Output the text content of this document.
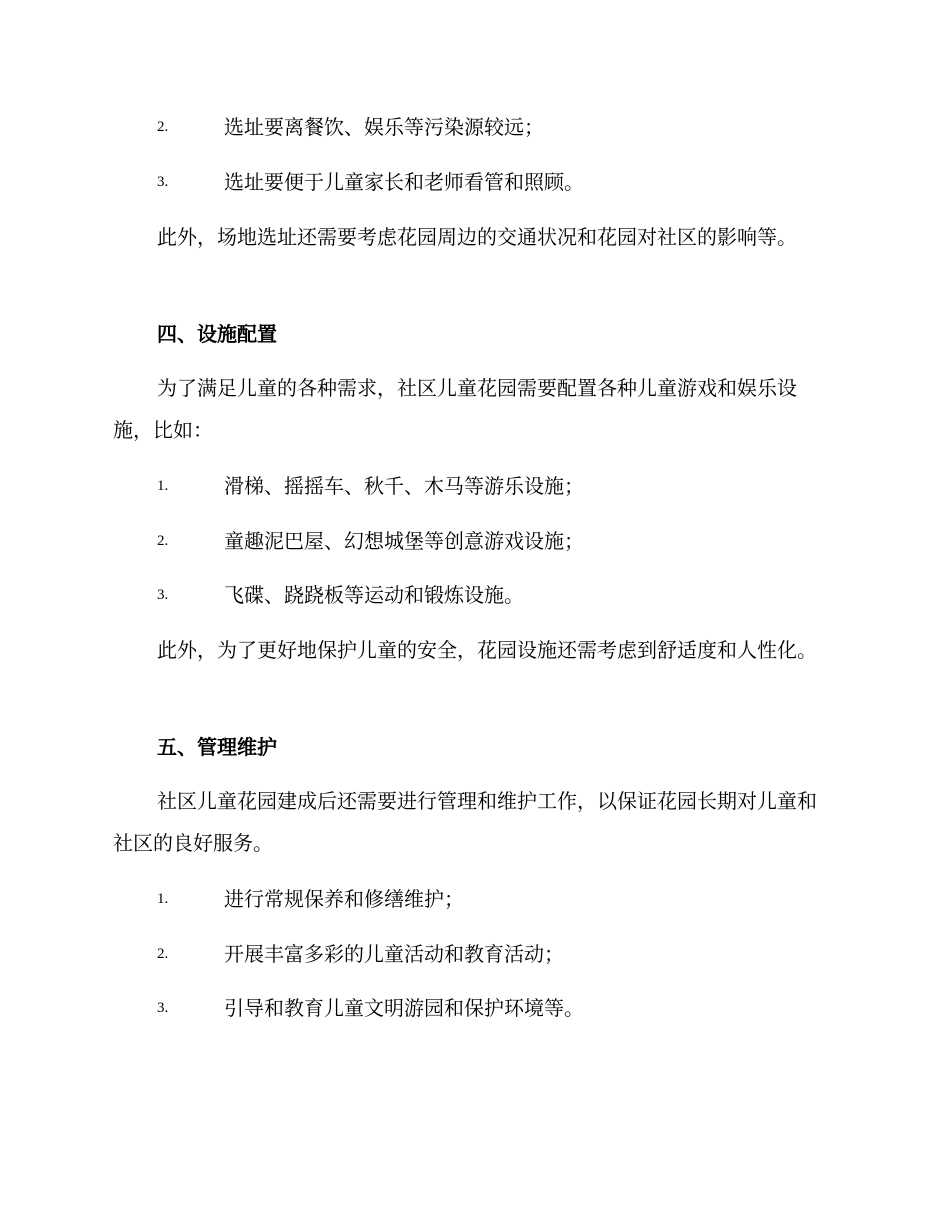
2.	选址要离餐饮、娱乐等污染源较远；
3.	选址要便于儿童家长和老师看管和照顾。

此外，场地选址还需要考虑花园周边的交通状况和花园对社区的影响等。

四、设施配置

为了满足儿童的各种需求，社区儿童花园需要配置各种儿童游戏和娱乐设施，比如：

1.	滑梯、摇摇车、秋千、木马等游乐设施；
2.	童趣泥巴屋、幻想城堡等创意游戏设施；
3.	飞碟、跷跷板等运动和锻炼设施。

此外，为了更好地保护儿童的安全，花园设施还需考虑到舒适度和人性化。

五、管理维护

社区儿童花园建成后还需要进行管理和维护工作，以保证花园长期对儿童和社区的良好服务。

1.	进行常规保养和修缮维护；
2.	开展丰富多彩的儿童活动和教育活动；
3.	引导和教育儿童文明游园和保护环境等。
